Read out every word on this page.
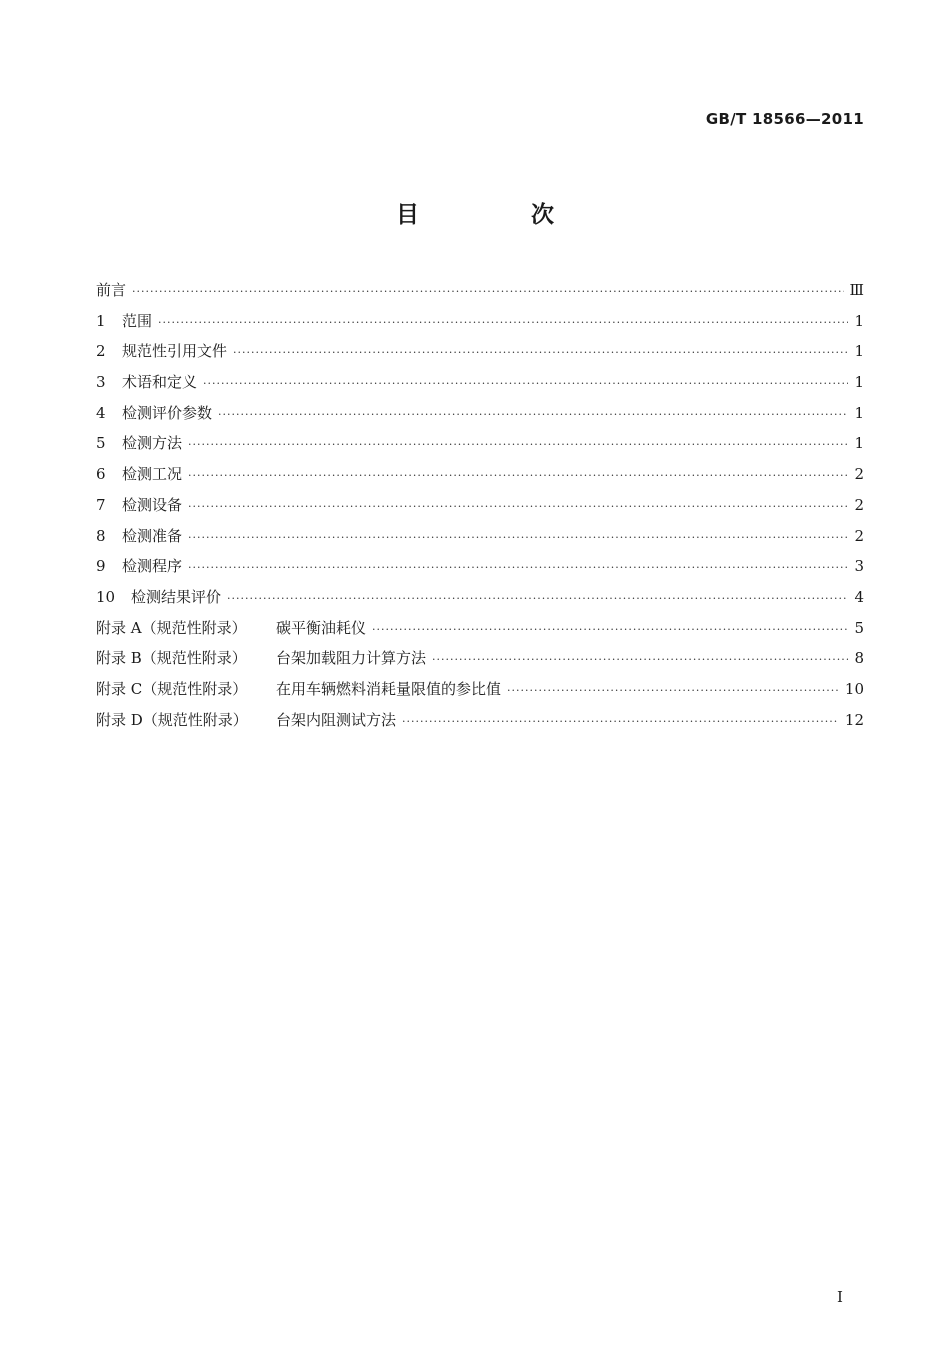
GB/T 18566—2011
目 次
前言 ·····	Ⅲ
1	范围 ·····	1
2	规范性引用文件 ·····	1
3	术语和定义 ·····	1
4	检测评价参数 ·····	1
5	检测方法 ·····	1
6	检测工况 ·····	2
7	检测设备 ·····	2
8	检测准备 ·····	2
9	检测程序 ·····	3
10	检测结果评价 ·····	4
附录 A（规范性附录）	碳平衡油耗仪 ·····	5
附录 B（规范性附录）	台架加载阻力计算方法 ·····	8
附录 C（规范性附录）	在用车辆燃料消耗量限值的参比值 ·····	10
附录 D（规范性附录）	台架内阻测试方法 ·····	12
I
